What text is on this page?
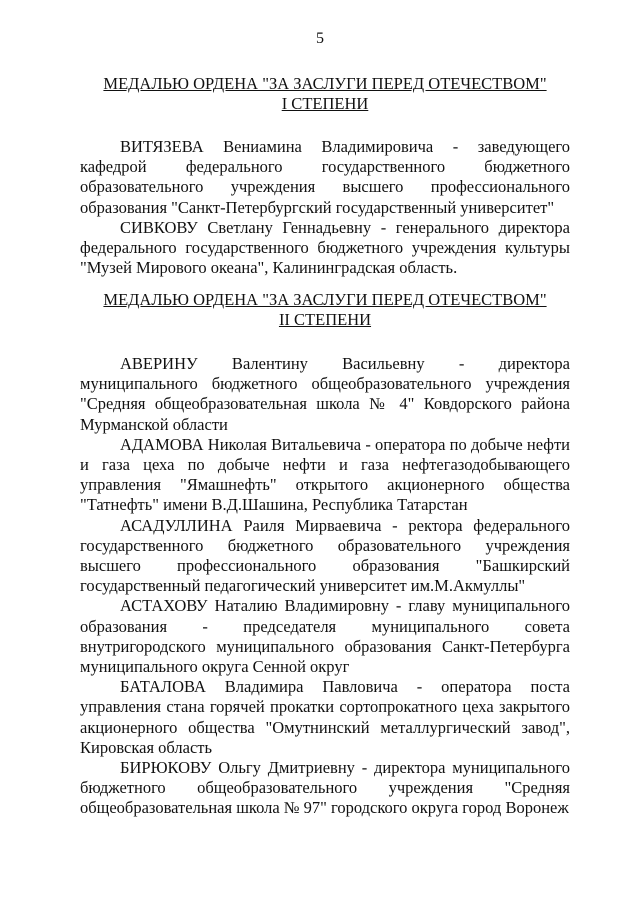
5
МЕДАЛЬЮ ОРДЕНА "ЗА ЗАСЛУГИ ПЕРЕД ОТЕЧЕСТВОМ"
I СТЕПЕНИ

ВИТЯЗЕВА Вениамина Владимировича - заведующего кафедрой федерального государственного бюджетного образовательного учреждения высшего профессионального образования "Санкт-Петербургский государственный университет"

СИВКОВУ Светлану Геннадьевну - генерального директора федерального государственного бюджетного учреждения культуры "Музей Мирового океана", Калининградская область.

МЕДАЛЬЮ ОРДЕНА "ЗА ЗАСЛУГИ ПЕРЕД ОТЕЧЕСТВОМ"
II СТЕПЕНИ

АВЕРИНУ Валентину Васильевну - директора муниципального бюджетного общеобразовательного учреждения "Средняя общеобразовательная школа № 4" Ковдорского района Мурманской области

АДАМОВА Николая Витальевича - оператора по добыче нефти и газа цеха по добыче нефти и газа нефтегазодобывающего управления "Ямашнефть" открытого акционерного общества "Татнефть" имени В.Д.Шашина, Республика Татарстан

АСАДУЛЛИНА Раиля Мирваевича - ректора федерального государственного бюджетного образовательного учреждения высшего профессионального образования "Башкирский государственный педагогический университет им.М.Акмуллы"

АСТАХОВУ Наталию Владимировну - главу муниципального образования - председателя муниципального совета внутригородского муниципального образования Санкт-Петербурга муниципального округа Сенной округ

БАТАЛОВА Владимира Павловича - оператора поста управления стана горячей прокатки сортопрокатного цеха закрытого акционерного общества "Омутнинский металлургический завод", Кировская область

БИРЮКОВУ Ольгу Дмитриевну - директора муниципального бюджетного общеобразовательного учреждения "Средняя общеобразовательная школа № 97" городского округа город Воронеж
